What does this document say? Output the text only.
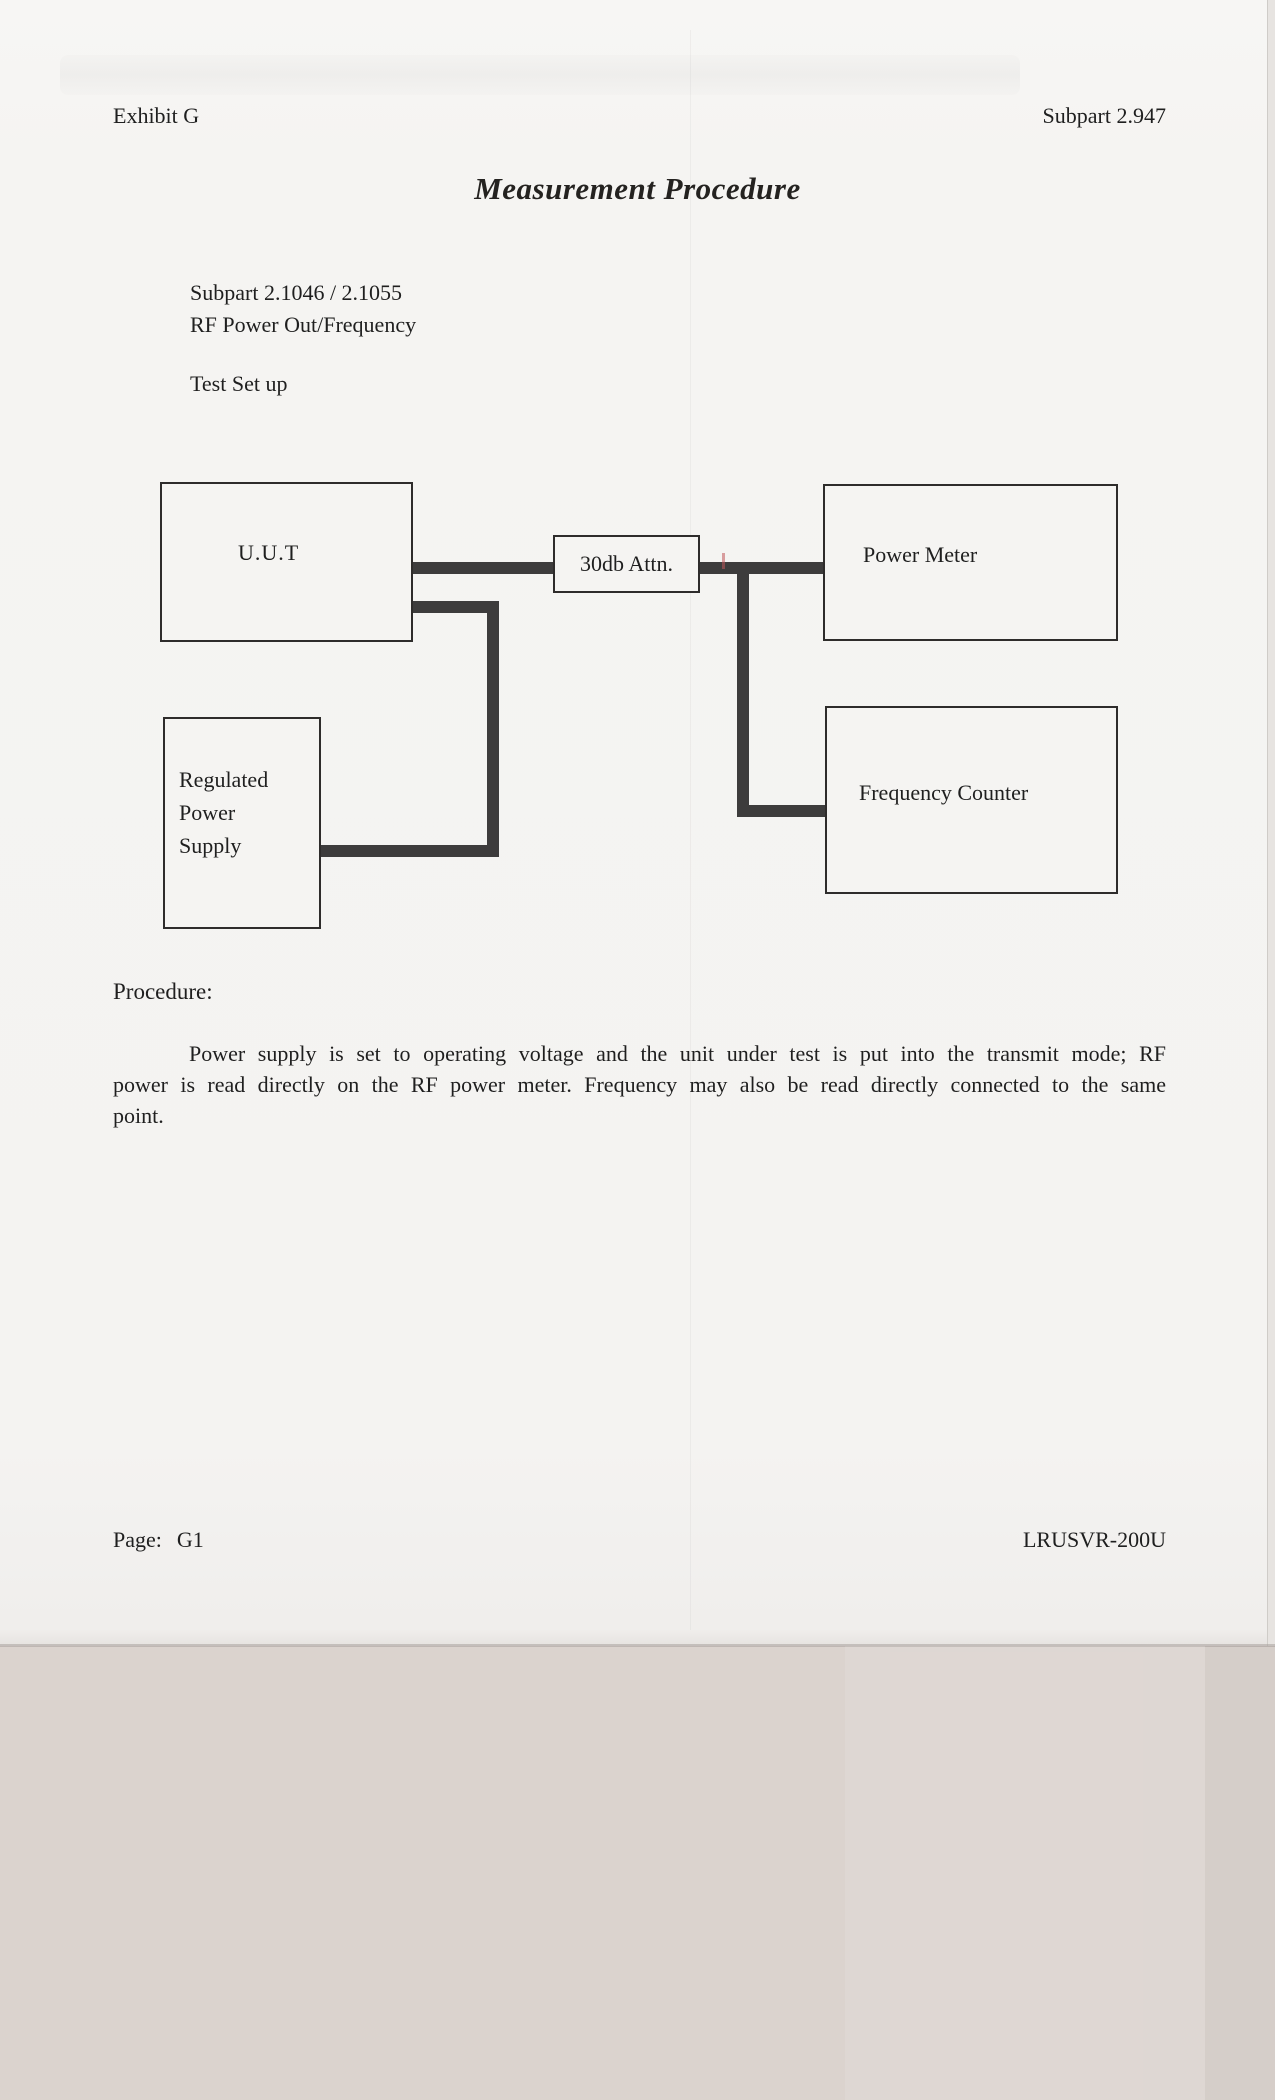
Exhibit G	Subpart 2.947
Measurement Procedure
Subpart 2.1046 / 2.1055
RF Power Out/Frequency
Test Set up
U.U.T	30db Attn.	Power Meter
Frequency Counter
Regulated
Power
Supply
Procedure:
Power supply is set to operating voltage and the unit under test is put into the transmit mode; RF
power is read directly on the RF power meter. Frequency may also be read directly connected to the same
point.
Page: G1	LRUSVR-200U
